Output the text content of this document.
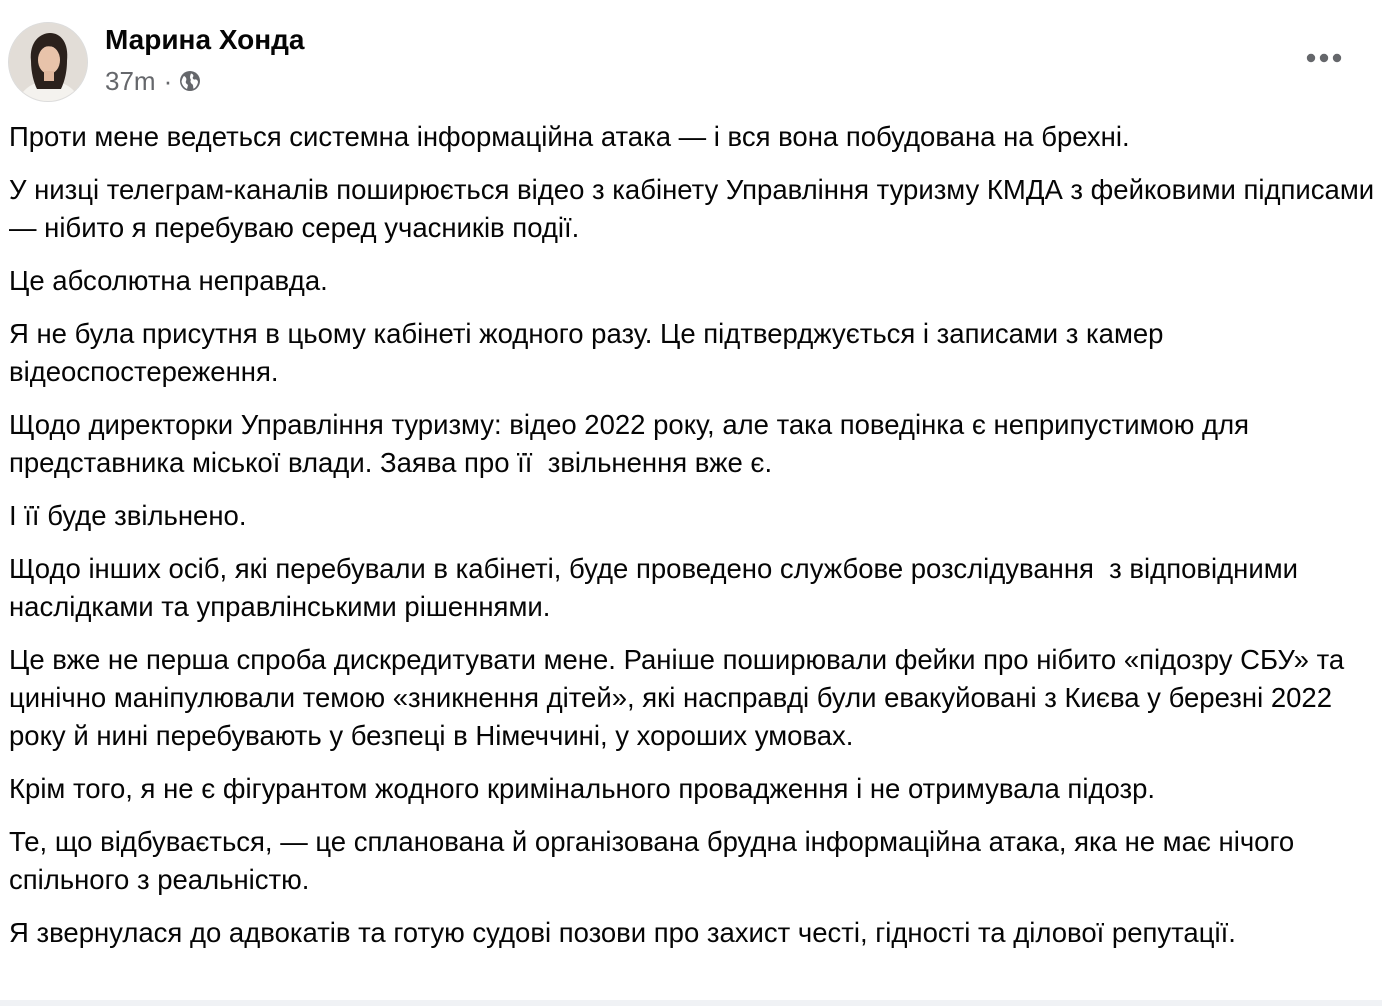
Марина Хонда
37m ·

Проти мене ведеться системна інформаційна атака — і вся вона побудована на брехні.

У низці телеграм-каналів поширюється відео з кабінету Управління туризму КМДА з фейковими підписами — нібито я перебуваю серед учасників події.

Це абсолютна неправда.

Я не була присутня в цьому кабінеті жодного разу. Це підтверджується і записами з камер відеоспостереження.

Щодо директорки Управління туризму: відео 2022 року, але така поведінка є неприпустимою для представника міської влади. Заява про її  звільнення вже є.

І її буде звільнено.

Щодо інших осіб, які перебували в кабінеті, буде проведено службове розслідування  з відповідними наслідками та управлінськими рішеннями.

Це вже не перша спроба дискредитувати мене. Раніше поширювали фейки про нібито «підозру СБУ» та цинічно маніпулювали темою «зникнення дітей», які насправді були евакуйовані з Києва у березні 2022 року й нині перебувають у безпеці в Німеччині, у хороших умовах.

Крім того, я не є фігурантом жодного кримінального провадження і не отримувала підозр.

Те, що відбувається, — це спланована й організована брудна інформаційна атака, яка не має нічого спільного з реальністю.

Я звернулася до адвокатів та готую судові позови про захист честі, гідності та ділової репутації.
